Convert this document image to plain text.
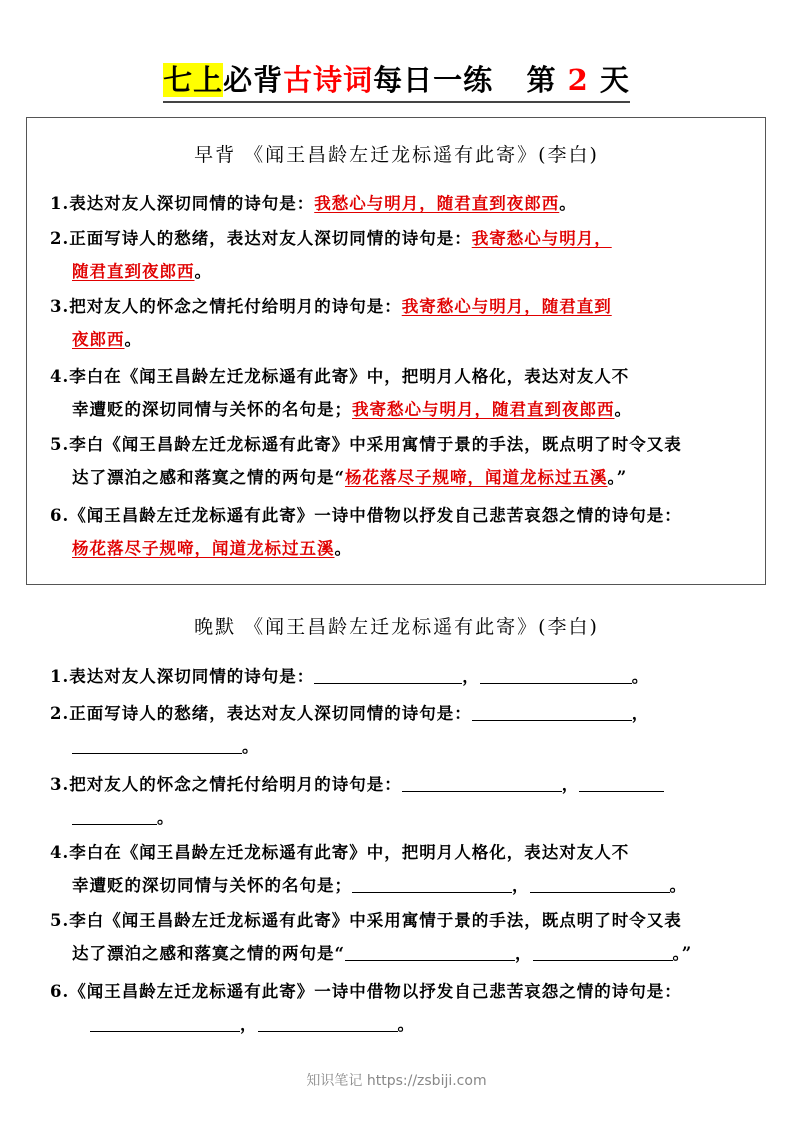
七上必背古诗词每日一练 第 2 天
早背 《闻王昌龄左迁龙标遥有此寄》(李白)
1.表达对友人深切同情的诗句是：我愁心与明月，随君直到夜郎西。
2.正面写诗人的愁绪，表达对友人深切同情的诗句是：我寄愁心与明月，
随君直到夜郎西。
3.把对友人的怀念之情托付给明月的诗句是：我寄愁心与明月，随君直到
夜郎西。
4.李白在《闻王昌龄左迁龙标遥有此寄》中，把明月人格化，表达对友人不
幸遭贬的深切同情与关怀的名句是；我寄愁心与明月，随君直到夜郎西。
5.李白《闻王昌龄左迁龙标遥有此寄》中采用寓情于景的手法，既点明了时令又表
达了漂泊之感和落寞之情的两句是“杨花落尽子规啼，闻道龙标过五溪。”
6.《闻王昌龄左迁龙标遥有此寄》一诗中借物以抒发自己悲苦哀怨之情的诗句是：
杨花落尽子规啼，闻道龙标过五溪。
晚默 《闻王昌龄左迁龙标遥有此寄》(李白)
1.表达对友人深切同情的诗句是：	，	。
2.正面写诗人的愁绪，表达对友人深切同情的诗句是：	，
。
3.把对友人的怀念之情托付给明月的诗句是：	，
。
4.李白在《闻王昌龄左迁龙标遥有此寄》中，把明月人格化，表达对友人不
幸遭贬的深切同情与关怀的名句是；	，	。
5.李白《闻王昌龄左迁龙标遥有此寄》中采用寓情于景的手法，既点明了时令又表
达了漂泊之感和落寞之情的两句是“	，	。”
6.《闻王昌龄左迁龙标遥有此寄》一诗中借物以抒发自己悲苦哀怨之情的诗句是：
，	。
知识笔记 https://zsbiji.com
